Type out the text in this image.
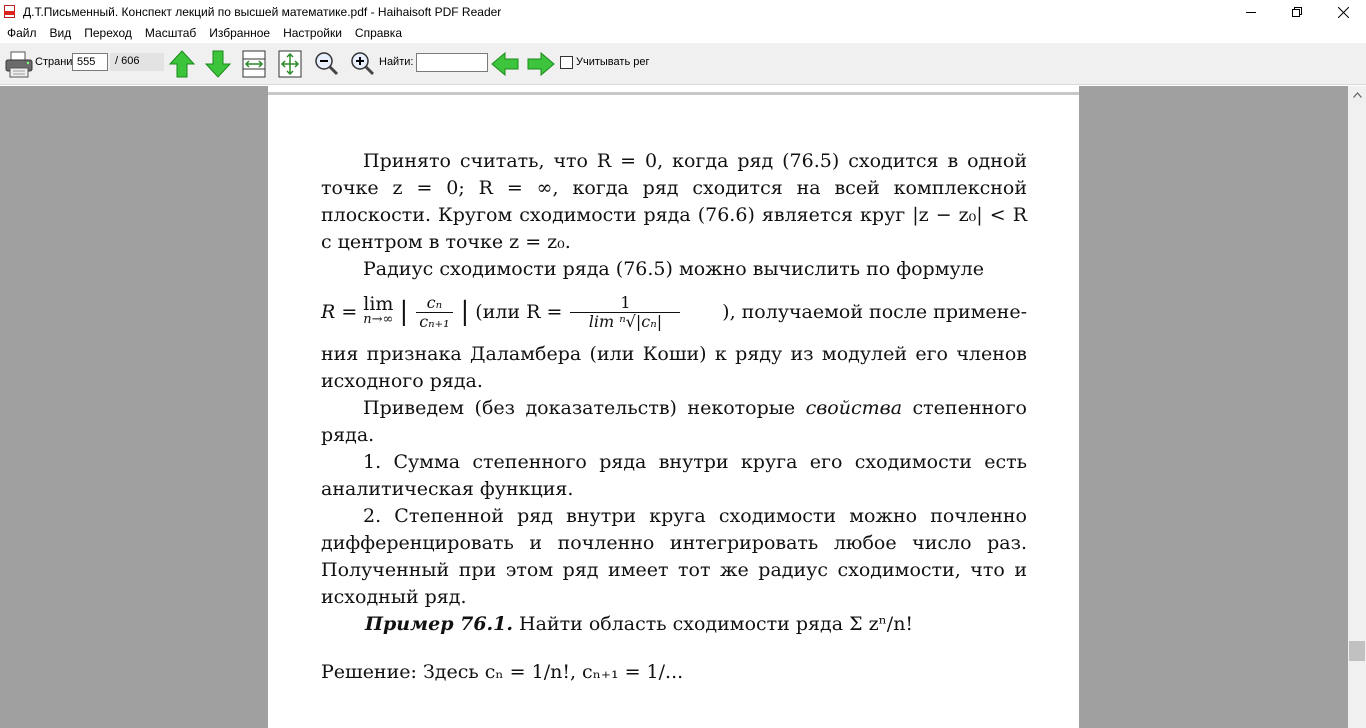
Д.Т.Письменный. Конспект лекций по высшей математике.pdf - Haihaisoft PDF Reader
Файл	Вид	Переход	Масштаб	Избранное	Настройки	Справка
Страни 555	/ 606	Найти:	Учитывать рег

Принято считать, что R = 0, когда ряд (76.5) сходится в одной точке z = 0; R = ∞, когда ряд сходится на всей комплексной плоскости. Кругом сходимости ряда (76.6) является круг |z − z₀| < R с центром в точке z = z₀.

Радиус сходимости ряда (76.5) можно вычислить по формуле

R = lim
n→∞ | $\frac{\text{cₙ}}{\text{cₙ₊₁}}$ | (или $R = \frac{1}{\text{lim ⁿ√|cₙ|}}$ ), получаемой после примене-

ния признака Даламбера (или Коши) к ряду из модулей его членов исходного ряда.

Приведем (без доказательств) некоторые свойства степенного ряда.

1. Сумма степенного ряда внутри круга его сходимости есть аналитическая функция.

2. Степенной ряд внутри круга сходимости можно почленно дифференцировать и почленно интегрировать любое число раз. Полученный при этом ряд имеет тот же радиус сходимости, что и исходный ряд.

Пример 76.1. Найти область сходимости ряда Σ zⁿ/n!

Решение: Здесь cₙ = 1/n!, cₙ₊₁ = 1/...
